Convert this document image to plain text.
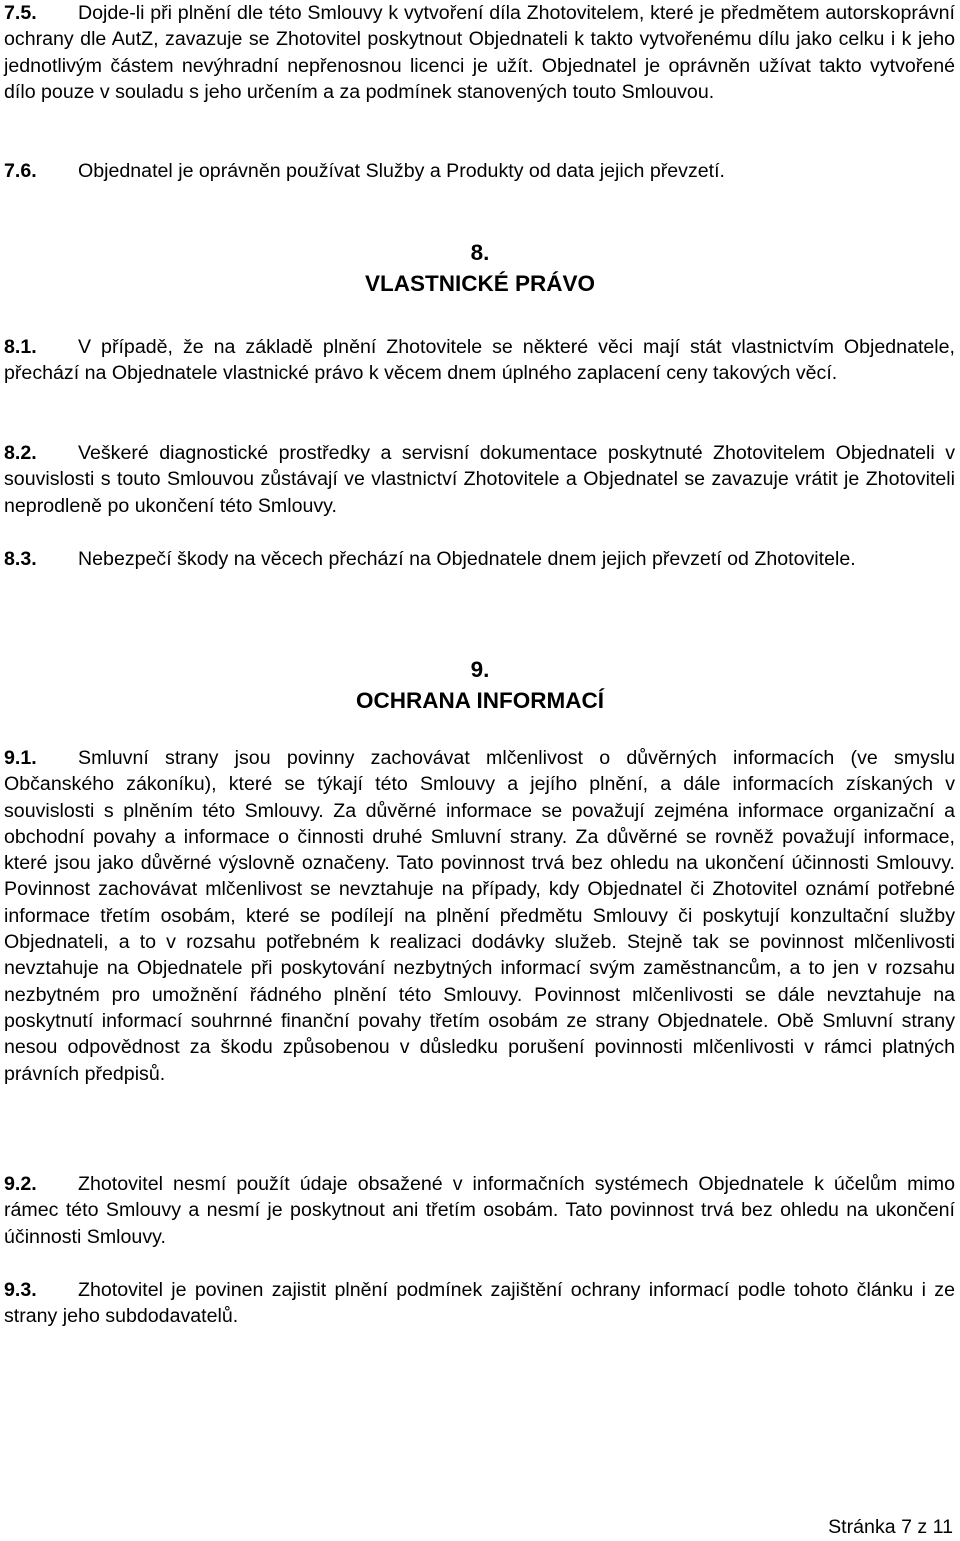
7.5. Dojde-li při plnění dle této Smlouvy k vytvoření díla Zhotovitelem, které je předmětem autorskoprávní ochrany dle AutZ, zavazuje se Zhotovitel poskytnout Objednateli k takto vytvořenému dílu jako celku i k jeho jednotlivým částem nevýhradní nepřenosnou licenci je užít. Objednatel je oprávněn užívat takto vytvořené dílo pouze v souladu s jeho určením a za podmínek stanovených touto Smlouvou.

7.6. Objednatel je oprávněn používat Služby a Produkty od data jejich převzetí.

8.
VLASTNICKÉ PRÁVO

8.1. V případě, že na základě plnění Zhotovitele se některé věci mají stát vlastnictvím Objednatele, přechází na Objednatele vlastnické právo k věcem dnem úplného zaplacení ceny takových věcí.

8.2. Veškeré diagnostické prostředky a servisní dokumentace poskytnuté Zhotovitelem Objednateli v souvislosti s touto Smlouvou zůstávají ve vlastnictví Zhotovitele a Objednatel se zavazuje vrátit je Zhotoviteli neprodleně po ukončení této Smlouvy.

8.3. Nebezpečí škody na věcech přechází na Objednatele dnem jejich převzetí od Zhotovitele.

9.
OCHRANA INFORMACÍ

9.1. Smluvní strany jsou povinny zachovávat mlčenlivost o důvěrných informacích (ve smyslu Občanského zákoníku), které se týkají této Smlouvy a jejího plnění, a dále informacích získaných v souvislosti s plněním této Smlouvy. Za důvěrné informace se považují zejména informace organizační a obchodní povahy a informace o činnosti druhé Smluvní strany. Za důvěrné se rovněž považují informace, které jsou jako důvěrné výslovně označeny. Tato povinnost trvá bez ohledu na ukončení účinnosti Smlouvy. Povinnost zachovávat mlčenlivost se nevztahuje na případy, kdy Objednatel či Zhotovitel oznámí potřebné informace třetím osobám, které se podílejí na plnění předmětu Smlouvy či poskytují konzultační služby Objednateli, a to v rozsahu potřebném k realizaci dodávky služeb. Stejně tak se povinnost mlčenlivosti nevztahuje na Objednatele při poskytování nezbytných informací svým zaměstnancům, a to jen v rozsahu nezbytném pro umožnění řádného plnění této Smlouvy. Povinnost mlčenlivosti se dále nevztahuje na poskytnutí informací souhrnné finanční povahy třetím osobám ze strany Objednatele. Obě Smluvní strany nesou odpovědnost za škodu způsobenou v důsledku porušení povinnosti mlčenlivosti v rámci platných právních předpisů.

9.2. Zhotovitel nesmí použít údaje obsažené v informačních systémech Objednatele k účelům mimo rámec této Smlouvy a nesmí je poskytnout ani třetím osobám. Tato povinnost trvá bez ohledu na ukončení účinnosti Smlouvy.

9.3. Zhotovitel je povinen zajistit plnění podmínek zajištění ochrany informací podle tohoto článku i ze strany jeho subdodavatelů.

Stránka 7 z 11
